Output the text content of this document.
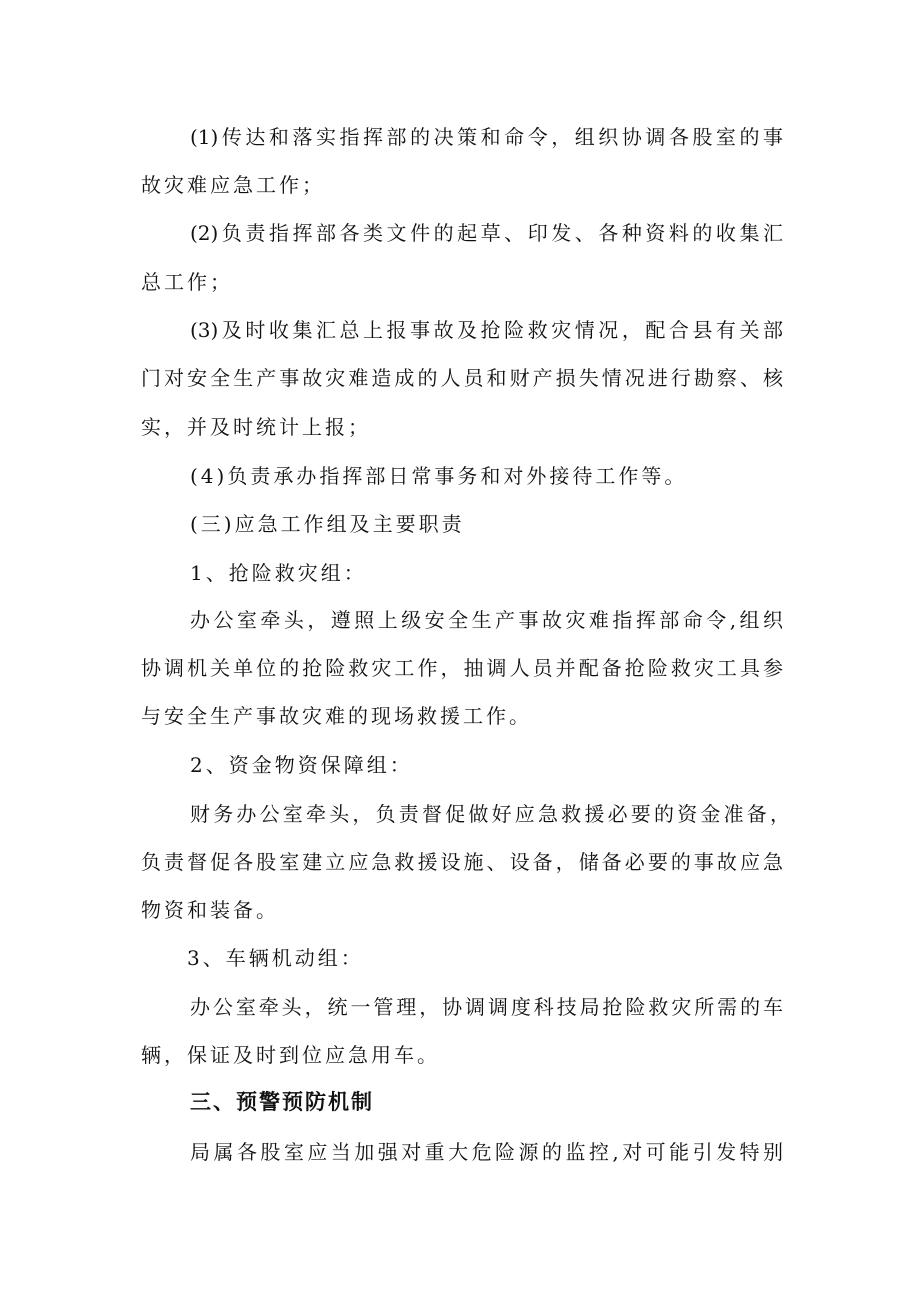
(1)传达和落实指挥部的决策和命令，组织协调各股室的事
故灾难应急工作；
(2)负责指挥部各类文件的起草、印发、各种资料的收集汇
总工作；
(3)及时收集汇总上报事故及抢险救灾情况，配合县有关部
门对安全生产事故灾难造成的人员和财产损失情况进行勘察、核
实，并及时统计上报；
(4)负责承办指挥部日常事务和对外接待工作等。
(三)应急工作组及主要职责
1、抢险救灾组：
办公室牵头，遵照上级安全生产事故灾难指挥部命令,组织
协调机关单位的抢险救灾工作，抽调人员并配备抢险救灾工具参
与安全生产事故灾难的现场救援工作。
2、资金物资保障组：
财务办公室牵头，负责督促做好应急救援必要的资金准备，
负责督促各股室建立应急救援设施、设备，储备必要的事故应急
物资和装备。
3、车辆机动组：
办公室牵头，统一管理，协调调度科技局抢险救灾所需的车
辆，保证及时到位应急用车。
三、预警预防机制
局属各股室应当加强对重大危险源的监控,对可能引发特别
